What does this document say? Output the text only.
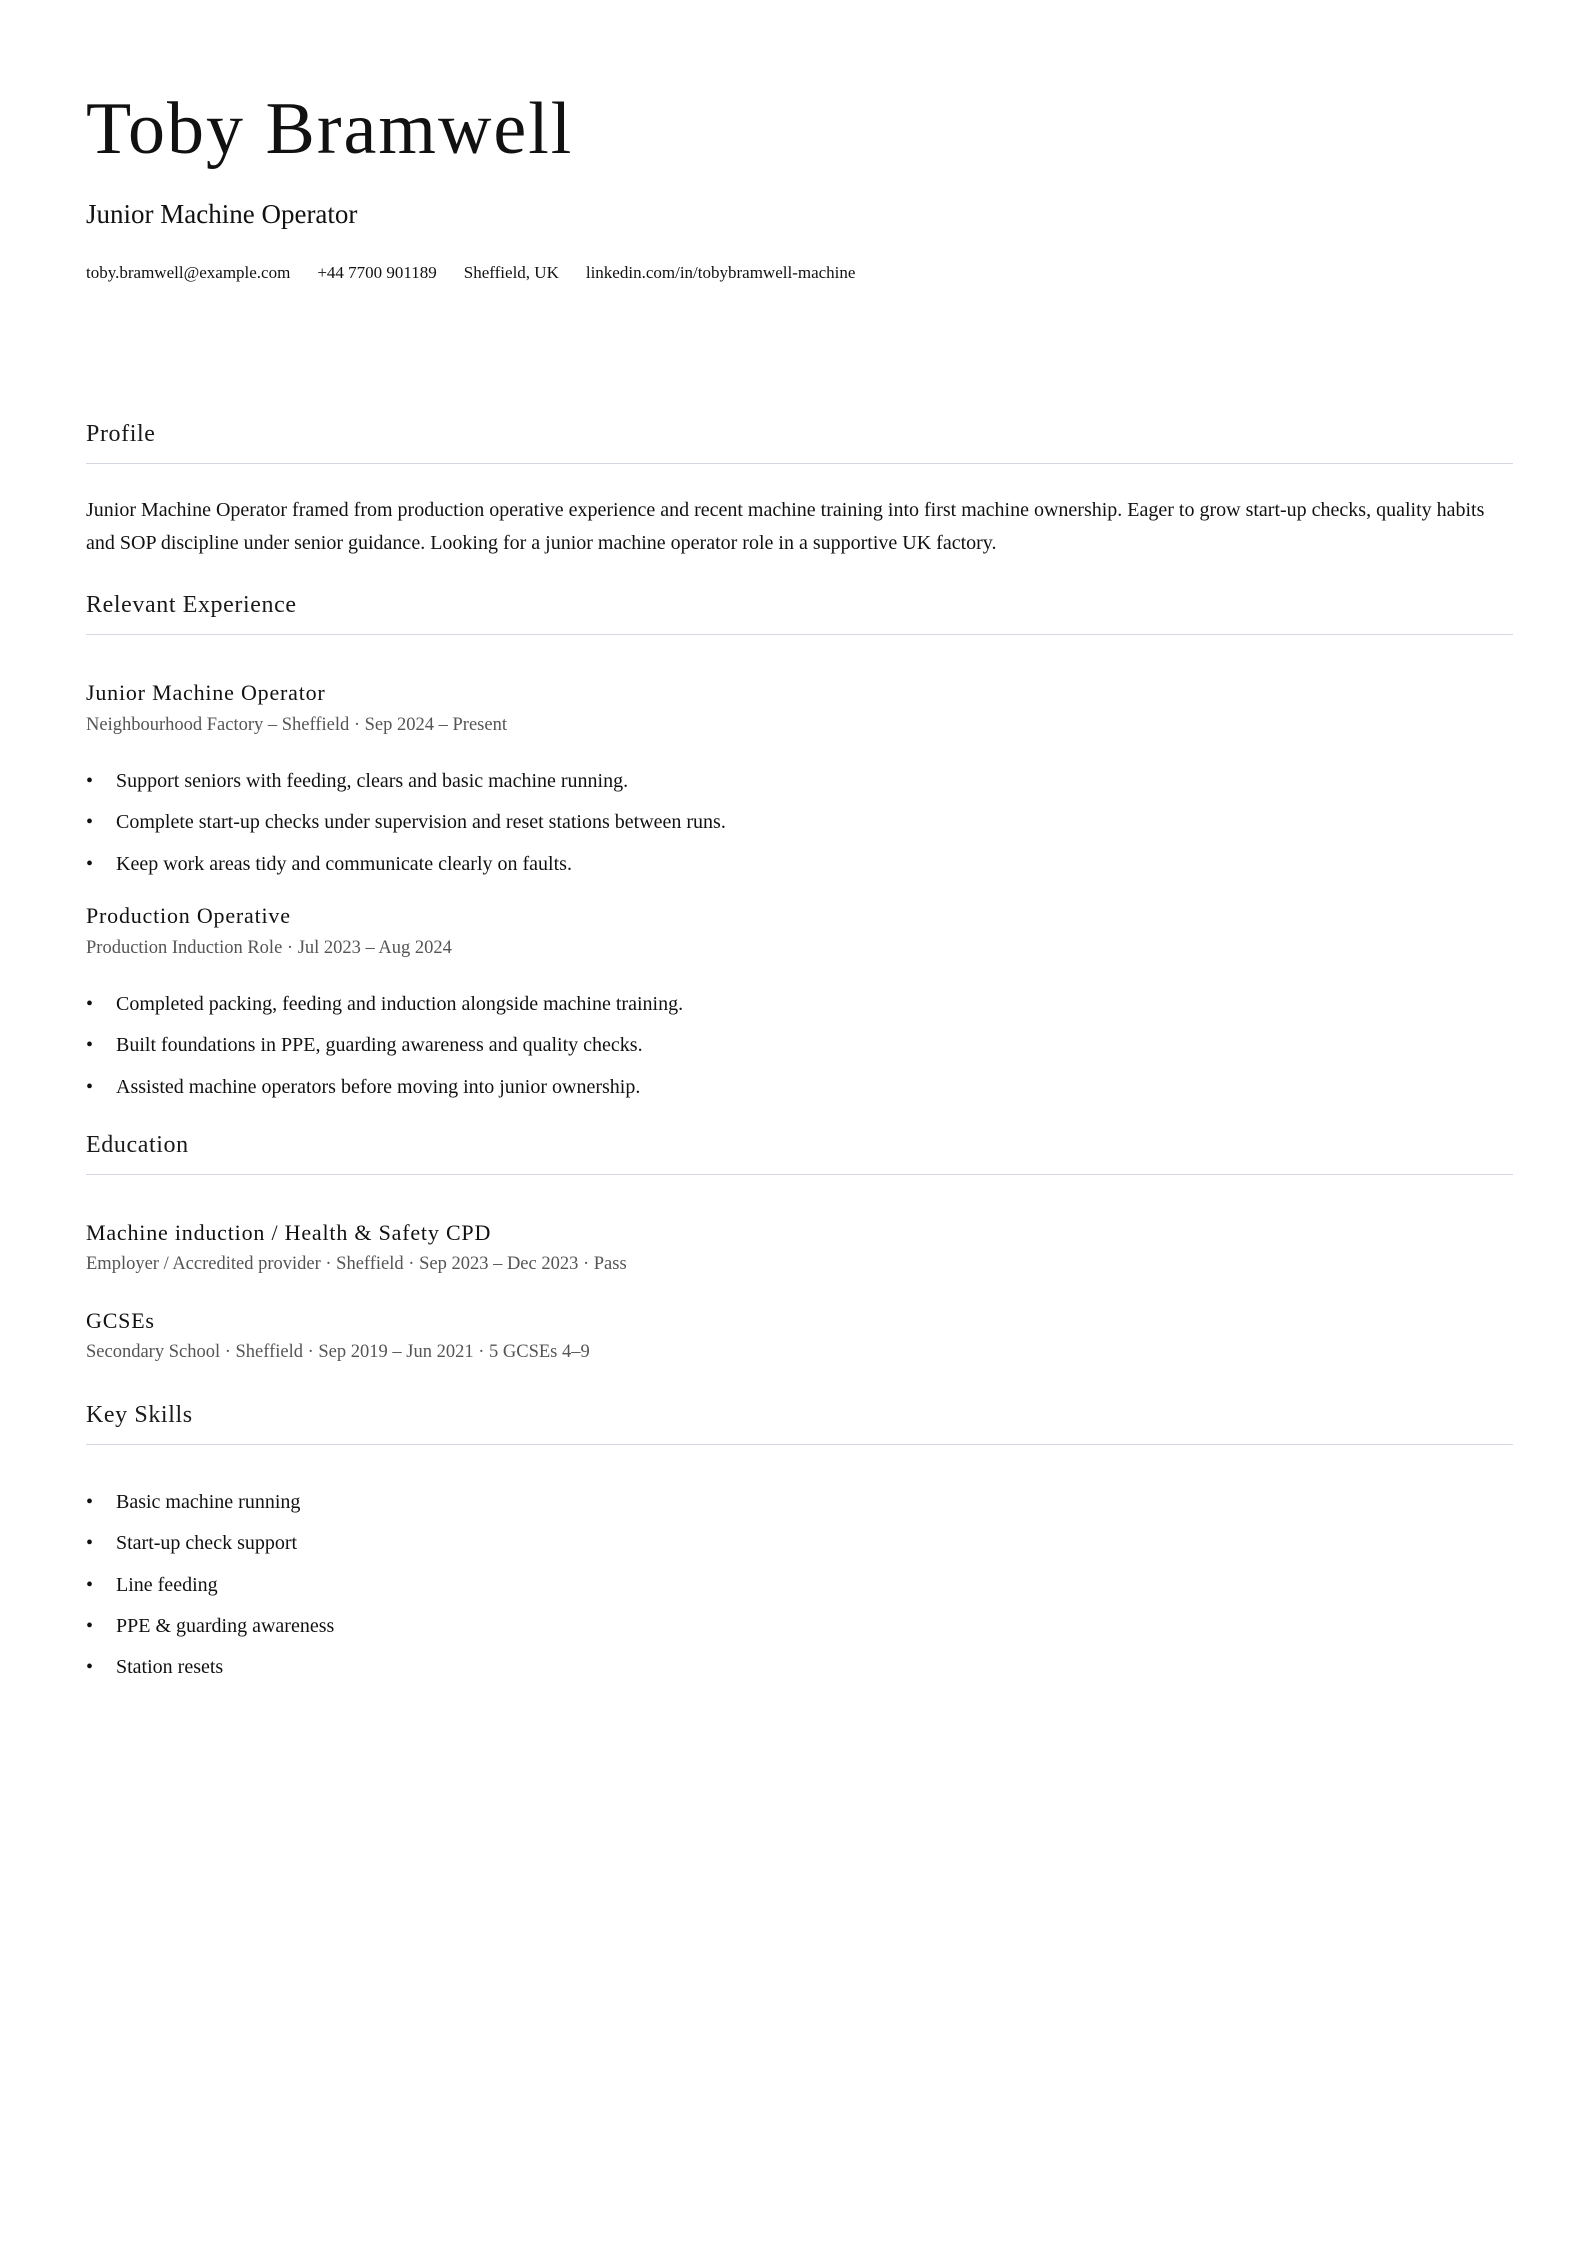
Toby Bramwell
Junior Machine Operator
toby.bramwell@example.com +44 7700 901189 Sheffield, UK linkedin.com/in/tobybramwell-machine
Profile
Junior Machine Operator framed from production operative experience and recent machine training into first machine ownership. Eager to grow start-up checks, quality habits and SOP discipline under senior guidance. Looking for a junior machine operator role in a supportive UK factory.
Relevant Experience
Junior Machine Operator
Neighbourhood Factory – Sheffield · Sep 2024 – Present
• Support seniors with feeding, clears and basic machine running.
• Complete start-up checks under supervision and reset stations between runs.
• Keep work areas tidy and communicate clearly on faults.
Production Operative
Production Induction Role · Jul 2023 – Aug 2024
• Completed packing, feeding and induction alongside machine training.
• Built foundations in PPE, guarding awareness and quality checks.
• Assisted machine operators before moving into junior ownership.
Education
Machine induction / Health & Safety CPD
Employer / Accredited provider · Sheffield · Sep 2023 – Dec 2023 · Pass
GCSEs
Secondary School · Sheffield · Sep 2019 – Jun 2021 · 5 GCSEs 4–9
Key Skills
• Basic machine running
• Start-up check support
• Line feeding
• PPE & guarding awareness
• Station resets
